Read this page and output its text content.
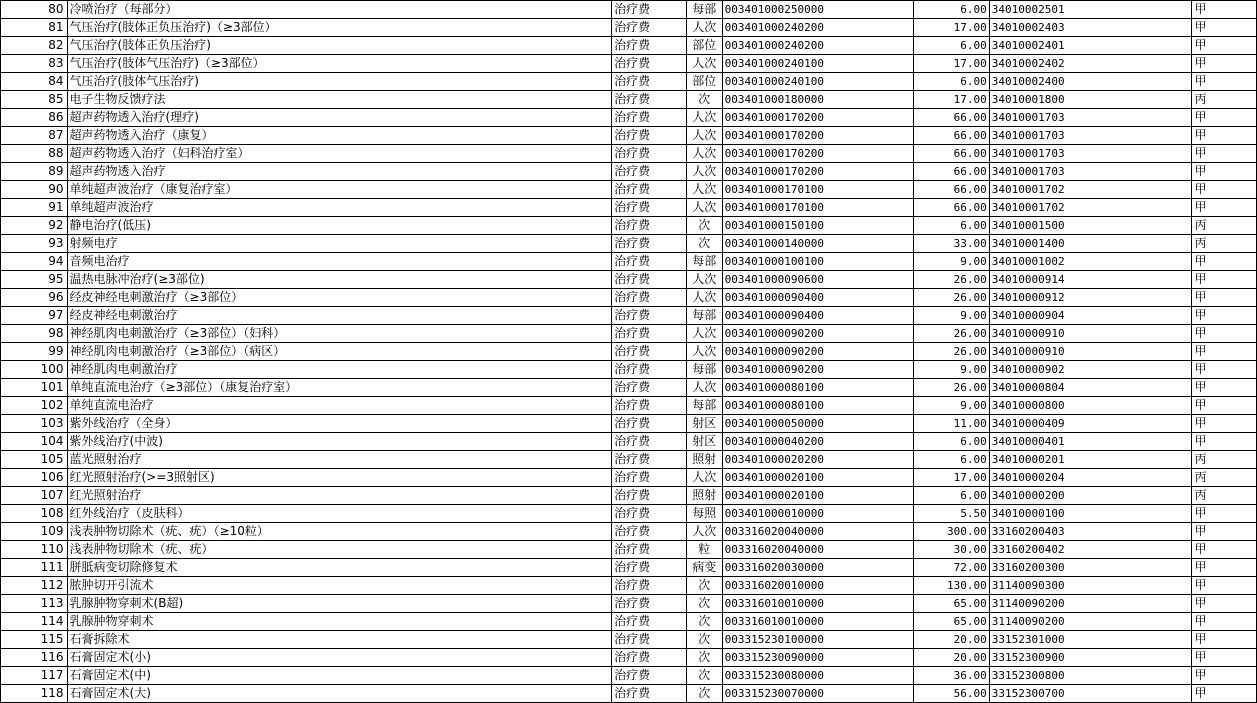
80	冷喷治疗（每部分）	治疗费	每部	003401000250000	6.00	34010002501	甲
81	气压治疗(肢体正负压治疗)（≥3部位）	治疗费	人次	003401000240200	17.00	34010002403	甲
82	气压治疗(肢体正负压治疗)	治疗费	部位	003401000240200	6.00	34010002401	甲
83	气压治疗(肢体气压治疗)（≥3部位）	治疗费	人次	003401000240100	17.00	34010002402	甲
84	气压治疗(肢体气压治疗)	治疗费	部位	003401000240100	6.00	34010002400	甲
85	电子生物反馈疗法	治疗费	次	003401000180000	17.00	34010001800	丙
86	超声药物透入治疗(理疗)	治疗费	人次	003401000170200	66.00	34010001703	甲
87	超声药物透入治疗（康复）	治疗费	人次	003401000170200	66.00	34010001703	甲
88	超声药物透入治疗（妇科治疗室）	治疗费	人次	003401000170200	66.00	34010001703	甲
89	超声药物透入治疗	治疗费	人次	003401000170200	66.00	34010001703	甲
90	单纯超声波治疗（康复治疗室）	治疗费	人次	003401000170100	66.00	34010001702	甲
91	单纯超声波治疗	治疗费	人次	003401000170100	66.00	34010001702	甲
92	静电治疗(低压)	治疗费	次	003401000150100	6.00	34010001500	丙
93	射频电疗	治疗费	次	003401000140000	33.00	34010001400	丙
94	音频电治疗	治疗费	每部	003401000100100	9.00	34010001002	甲
95	温热电脉冲治疗(≥3部位)	治疗费	人次	003401000090600	26.00	34010000914	甲
96	经皮神经电刺激治疗（≥3部位）	治疗费	人次	003401000090400	26.00	34010000912	甲
97	经皮神经电刺激治疗	治疗费	每部	003401000090400	9.00	34010000904	甲
98	神经肌肉电刺激治疗（≥3部位）（妇科）	治疗费	人次	003401000090200	26.00	34010000910	甲
99	神经肌肉电刺激治疗（≥3部位）（病区）	治疗费	人次	003401000090200	26.00	34010000910	甲
100	神经肌肉电刺激治疗	治疗费	每部	003401000090200	9.00	34010000902	甲
101	单纯直流电治疗（≥3部位）（康复治疗室）	治疗费	人次	003401000080100	26.00	34010000804	甲
102	单纯直流电治疗	治疗费	每部	003401000080100	9.00	34010000800	甲
103	紫外线治疗（全身）	治疗费	射区	003401000050000	11.00	34010000409	甲
104	紫外线治疗(中波)	治疗费	射区	003401000040200	6.00	34010000401	甲
105	蓝光照射治疗	治疗费	照射	003401000020200	6.00	34010000201	丙
106	红光照射治疗(>=3照射区)	治疗费	人次	003401000020100	17.00	34010000204	丙
107	红光照射治疗	治疗费	照射	003401000020100	6.00	34010000200	丙
108	红外线治疗（皮肤科）	治疗费	每照	003401000010000	5.50	34010000100	甲
109	浅表肿物切除术（疣、疣）（≥10粒）	治疗费	人次	003316020040000	300.00	33160200403	甲
110	浅表肿物切除术（疣、疣）	治疗费	粒	003316020040000	30.00	33160200402	甲
111	胼胝病变切除修复术	治疗费	病变	003316020030000	72.00	33160200300	甲
112	脓肿切开引流术	治疗费	次	003316020010000	130.00	31140090300	甲
113	乳腺肿物穿刺术(B超)	治疗费	次	003316010010000	65.00	31140090200	甲
114	乳腺肿物穿刺术	治疗费	次	003316010010000	65.00	31140090200	甲
115	石膏拆除术	治疗费	次	003315230100000	20.00	33152301000	甲
116	石膏固定术(小)	治疗费	次	003315230090000	20.00	33152300900	甲
117	石膏固定术(中)	治疗费	次	003315230080000	36.00	33152300800	甲
118	石膏固定术(大)	治疗费	次	003315230070000	56.00	33152300700	甲
